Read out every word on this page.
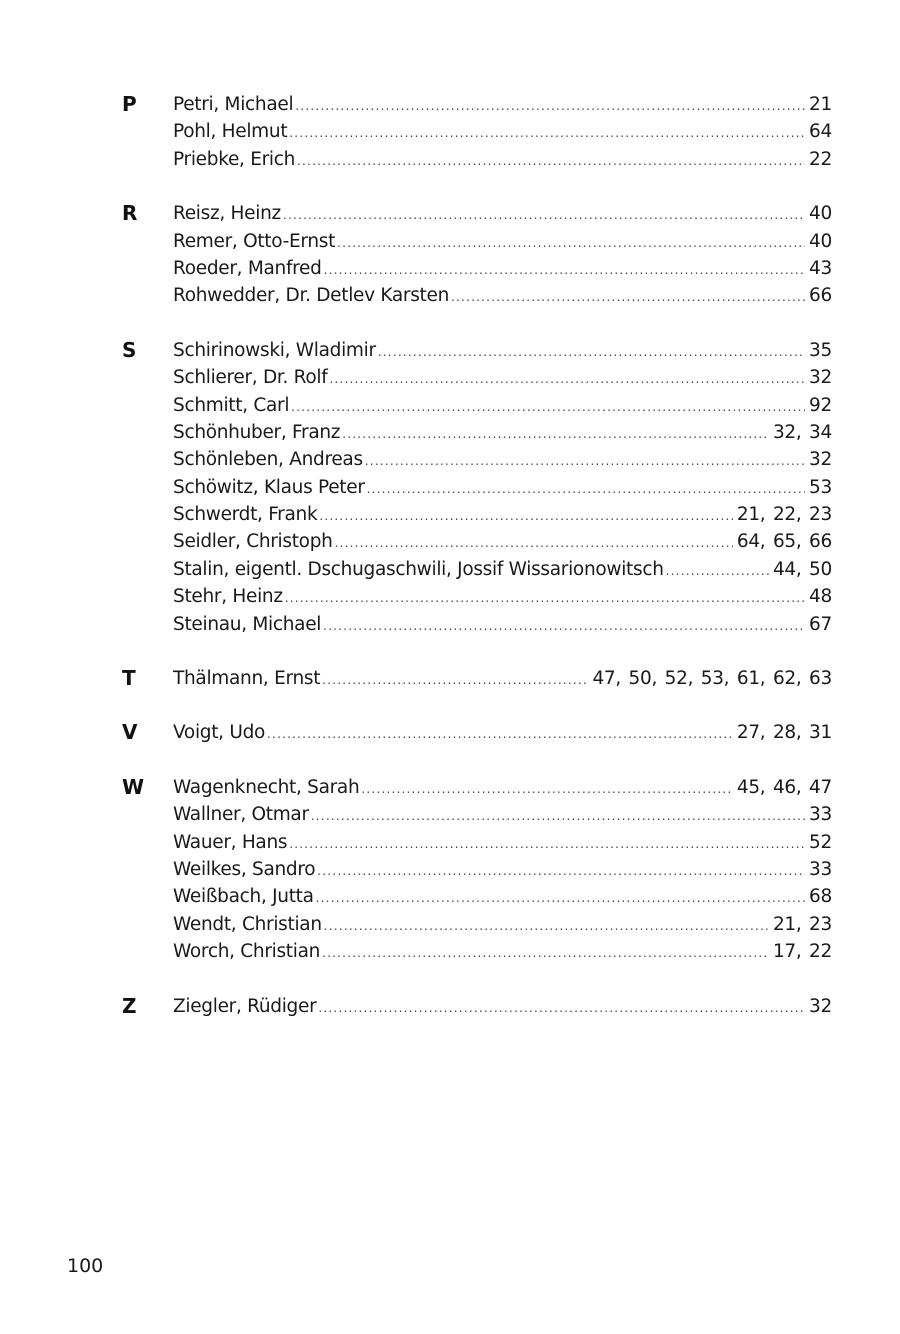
P	Petri, Michael .....	21
Pohl, Helmut .....	64
Priebke, Erich .....	22
R	Reisz, Heinz .....	40
Remer, Otto-Ernst .....	40
Roeder, Manfred .....	43
Rohwedder, Dr. Detlev Karsten .....	66
S	Schirinowski, Wladimir .....	35
Schlierer, Dr. Rolf .....	32
Schmitt, Carl .....	92
Schönhuber, Franz .....	32, 34
Schönleben, Andreas .....	32
Schöwitz, Klaus Peter .....	53
Schwerdt, Frank .....	21, 22, 23
Seidler, Christoph .....	64, 65, 66
Stalin, eigentl. Dschugaschwili, Jossif Wissarionowitsch .....	44, 50
Stehr, Heinz .....	48
Steinau, Michael .....	67
T	Thälmann, Ernst .....	47, 50, 52, 53, 61, 62, 63
V	Voigt, Udo .....	27, 28, 31
W	Wagenknecht, Sarah .....	45, 46, 47
Wallner, Otmar .....	33
Wauer, Hans .....	52
Weilkes, Sandro .....	33
Weißbach, Jutta .....	68
Wendt, Christian .....	21, 23
Worch, Christian .....	17, 22
Z	Ziegler, Rüdiger .....	32
100
